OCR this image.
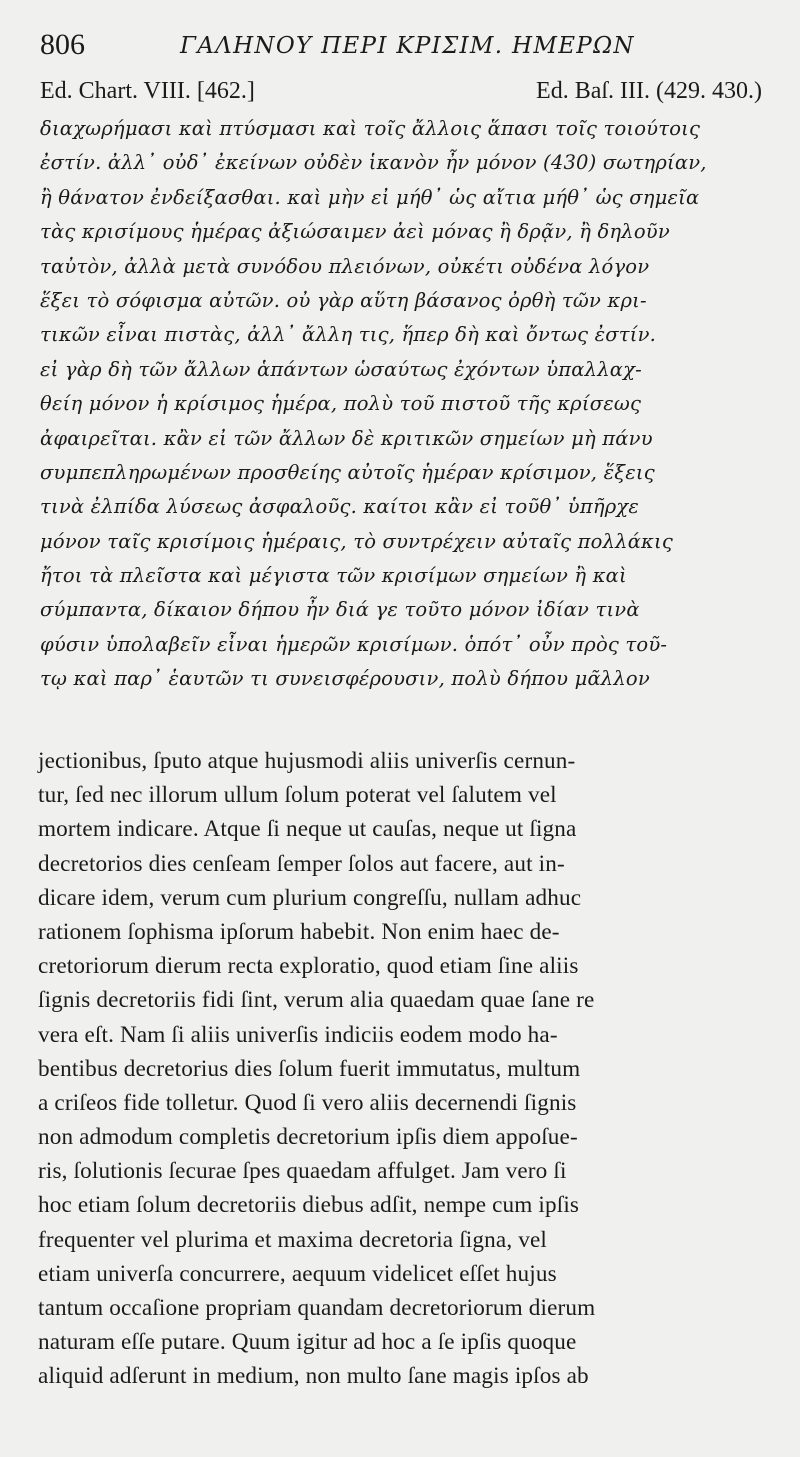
806	ΓΑΛΗΝΟΥ ΠΕΡΙ ΚΡΙΣΙΜ. ΗΜΕΡΩΝ
Ed. Chart. VIII. [462.]	Ed. Baſ. III. (429. 430.)
διαχωρήμασι καὶ πτύσμασι καὶ τοῖς ἄλλοις ἅπασι τοῖς τοιούτοις
ἐστίν. ἀλλ᾽ οὐδ᾽ ἐκείνων οὐδὲν ἱκανὸν ἦν μόνον (430) σωτηρίαν,
ἢ θάνατον ἐνδείξασθαι. καὶ μὴν εἰ μήθ᾽ ὡς αἴτια μήθ᾽ ὡς σημεῖα
τὰς κρισίμους ἡμέρας ἀξιώσαιμεν ἀεὶ μόνας ἢ δρᾷν, ἢ δηλοῦν
ταὐτὸν, ἀλλὰ μετὰ συνόδου πλειόνων, οὐκέτι οὐδένα λόγον
ἕξει τὸ σόφισμα αὐτῶν. οὐ γὰρ αὕτη βάσανος ὀρθὴ τῶν κρι-
τικῶν εἶναι πιστὰς, ἀλλ᾽ ἄλλη τις, ἥπερ δὴ καὶ ὄντως ἐστίν.
εἰ γὰρ δὴ τῶν ἄλλων ἁπάντων ὡσαύτως ἐχόντων ὑπαλλαχ-
θείη μόνον ἡ κρίσιμος ἡμέρα, πολὺ τοῦ πιστοῦ τῆς κρίσεως
ἀφαιρεῖται. κἂν εἰ τῶν ἄλλων δὲ κριτικῶν σημείων μὴ πάνυ
συμπεπληρωμένων προσθείης αὐτοῖς ἡμέραν κρίσιμον, ἕξεις
τινὰ ἐλπίδα λύσεως ἀσφαλοῦς. καίτοι κἂν εἰ τοῦθ᾽ ὑπῆρχε
μόνον ταῖς κρισίμοις ἡμέραις, τὸ συντρέχειν αὐταῖς πολλάκις
ἤτοι τὰ πλεῖστα καὶ μέγιστα τῶν κρισίμων σημείων ἢ καὶ
σύμπαντα, δίκαιον δήπου ἦν διά γε τοῦτο μόνον ἰδίαν τινὰ
φύσιν ὑπολαβεῖν εἶναι ἡμερῶν κρισίμων. ὁπότ᾽ οὖν πρὸς τοῦ-
τῳ καὶ παρ᾽ ἑαυτῶν τι συνεισφέρουσιν, πολὺ δήπου μᾶλλον
jectionibus, ſputo atque hujusmodi aliis univerſis cernun-
tur, ſed nec illorum ullum ſolum poterat vel ſalutem vel
mortem indicare. Atque ſi neque ut cauſas, neque ut ſigna
decretorios dies cenſeam ſemper ſolos aut facere, aut in-
dicare idem, verum cum plurium congreſſu, nullam adhuc
rationem ſophisma ipſorum habebit. Non enim haec de-
cretoriorum dierum recta exploratio, quod etiam ſine aliis
ſignis decretoriis fidi ſint, verum alia quaedam quae ſane re
vera eſt. Nam ſi aliis univerſis indiciis eodem modo ha-
bentibus decretorius dies ſolum fuerit immutatus, multum
a criſeos fide tolletur. Quod ſi vero aliis decernendi ſignis
non admodum completis decretorium ipſis diem appoſue-
ris, ſolutionis ſecurae ſpes quaedam affulget. Jam vero ſi
hoc etiam ſolum decretoriis diebus adſit, nempe cum ipſis
frequenter vel plurima et maxima decretoria ſigna, vel
etiam univerſa concurrere, aequum videlicet eſſet hujus
tantum occaſione propriam quandam decretoriorum dierum
naturam eſſe putare. Quum igitur ad hoc a ſe ipſis quoque
aliquid adſerunt in medium, non multo ſane magis ipſos ab
